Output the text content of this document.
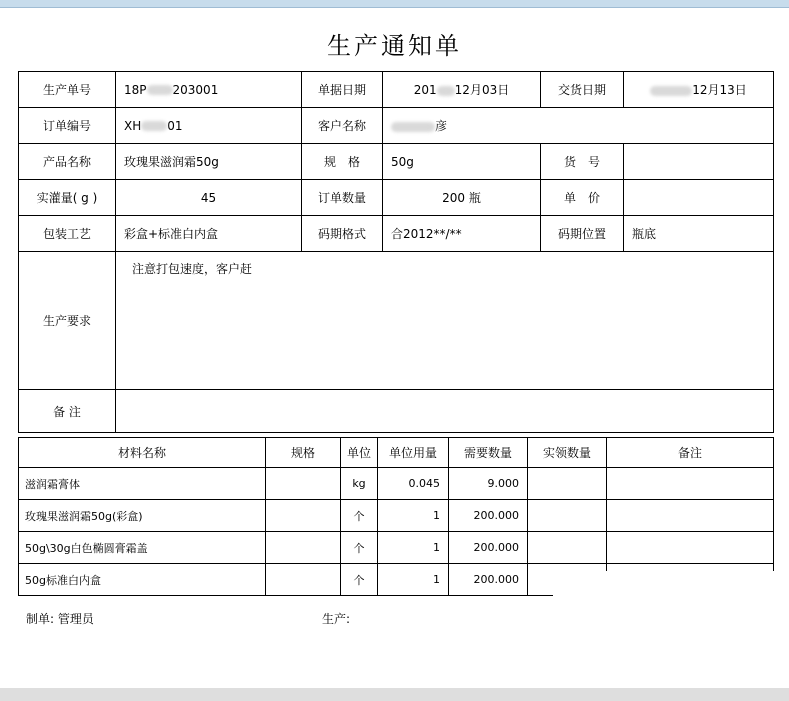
生产通知单
生产单号	18P 203001	单据日期	201 12月03日	交货日期	12月13日
订单编号	XH 01	客户名称	彦		
产品名称	玫瑰果滋润霜50g	规　格	50g	货　号	
实灌量( g )	45	订单数量	200 瓶	单　价	
包装工艺	彩盒+标准白内盒	码期格式	合2012**/**	码期位置	瓶底
生产要求	注意打包速度，客户赶				
备 注					
材料名称	规格	单位	单位用量	需要数量	实领数量	备注
滋润霜膏体		kg	0.045	9.000		
玫瑰果滋润霜50g(彩盒)		个	1	200.000		
50g\30g白色椭圆膏霜盖		个	1	200.000		
50g标准白内盒		个	1	200.000		
制单: 管理员	生产:
